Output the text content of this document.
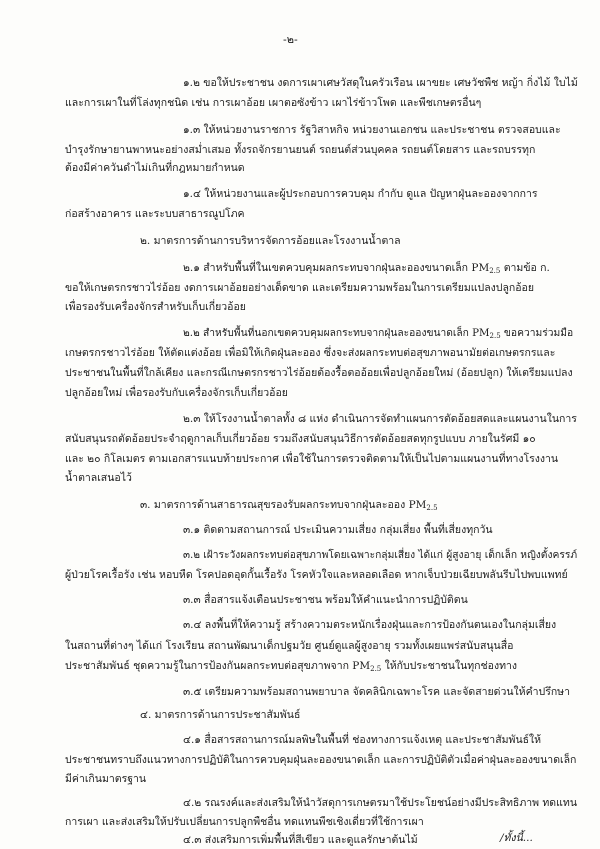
-๒-

๑.๒ ขอให้ประชาชน งดการเผาเศษวัสดุในครัวเรือน เผาขยะ เศษวัชพืช หญ้า กิ่งไม้ ใบไม้

และการเผาในที่โล่งทุกชนิด เช่น การเผาอ้อย เผาตอซังข้าว เผาไร่ข้าวโพด และพืชเกษตรอื่นๆ

๑.๓ ให้หน่วยงานราชการ รัฐวิสาหกิจ หน่วยงานเอกชน และประชาชน ตรวจสอบและ

บำรุงรักษายานพาหนะอย่างสม่ำเสมอ ทั้งรถจักรยานยนต์ รถยนต์ส่วนบุคคล รถยนต์โดยสาร และรถบรรทุก

ต้องมีค่าควันดำไม่เกินที่กฎหมายกำหนด

๑.๔ ให้หน่วยงานและผู้ประกอบการควบคุม กำกับ ดูแล ปัญหาฝุ่นละอองจากการ

ก่อสร้างอาคาร และระบบสาธารณูปโภค

๒. มาตรการด้านการบริหารจัดการอ้อยและโรงงานน้ำตาล

๒.๑ สำหรับพื้นที่ในเขตควบคุมผลกระทบจากฝุ่นละอองขนาดเล็ก $PM_{2.5}$ ตามข้อ ก.

ขอให้เกษตรกรชาวไร่อ้อย งดการเผาอ้อยอย่างเด็ดขาด และเตรียมความพร้อมในการเตรียมแปลงปลูกอ้อย

เพื่อรองรับเครื่องจักรสำหรับเก็บเกี่ยวอ้อย

๒.๒ สำหรับพื้นที่นอกเขตควบคุมผลกระทบจากฝุ่นละอองขนาดเล็ก $PM_{2.5}$ ขอความร่วมมือ

เกษตรกรชาวไร่อ้อย ให้ตัดแต่งอ้อย เพื่อมิให้เกิดฝุ่นละออง ซึ่งจะส่งผลกระทบต่อสุขภาพอนามัยต่อเกษตรกรและ

ประชาชนในพื้นที่ใกล้เคียง และกรณีเกษตรกรชาวไร่อ้อยต้องรื้อตออ้อยเพื่อปลูกอ้อยใหม่ (อ้อยปลูก) ให้เตรียมแปลง

ปลูกอ้อยใหม่ เพื่อรองรับกับเครื่องจักรเก็บเกี่ยวอ้อย

๒.๓ ให้โรงงานน้ำตาลทั้ง ๘ แห่ง ดำเนินการจัดทำแผนการตัดอ้อยสดและแผนงานในการ

สนับสนุนรถตัดอ้อยประจำฤดูกาลเก็บเกี่ยวอ้อย รวมถึงสนับสนุนวิธีการตัดอ้อยสดทุกรูปแบบ ภายในรัศมี ๑๐

และ ๒๐ กิโลเมตร ตามเอกสารแนบท้ายประกาศ เพื่อใช้ในการตรวจติดตามให้เป็นไปตามแผนงานที่ทางโรงงาน

น้ำตาลเสนอไว้

๓. มาตรการด้านสาธารณสุขรองรับผลกระทบจากฝุ่นละออง $PM_{2.5}$

๓.๑ ติดตามสถานการณ์ ประเมินความเสี่ยง กลุ่มเสี่ยง พื้นที่เสี่ยงทุกวัน

๓.๒ เฝ้าระวังผลกระทบต่อสุขภาพโดยเฉพาะกลุ่มเสี่ยง ได้แก่ ผู้สูงอายุ เด็กเล็ก หญิงตั้งครรภ์

ผู้ป่วยโรคเรื้อรัง เช่น หอบหืด โรคปอดอุดกั้นเรื้อรัง โรคหัวใจและหลอดเลือด หากเจ็บป่วยเฉียบพลันรีบไปพบแพทย์

๓.๓ สื่อสารแจ้งเตือนประชาชน พร้อมให้คำแนะนำการปฏิบัติตน

๓.๔ ลงพื้นที่ให้ความรู้ สร้างความตระหนักเรื่องฝุ่นและการป้องกันตนเองในกลุ่มเสี่ยง

ในสถานที่ต่างๆ ได้แก่ โรงเรียน สถานพัฒนาเด็กปฐมวัย ศูนย์ดูแลผู้สูงอายุ รวมทั้งเผยแพร่สนับสนุนสื่อ

ประชาสัมพันธ์ ชุดความรู้ในการป้องกันผลกระทบต่อสุขภาพจาก $PM_{2.5}$ ให้กับประชาชนในทุกช่องทาง

๓.๕ เตรียมความพร้อมสถานพยาบาล จัดคลินิกเฉพาะโรค และจัดสายด่วนให้คำปรึกษา

๔. มาตรการด้านการประชาสัมพันธ์

๔.๑ สื่อสารสถานการณ์มลพิษในพื้นที่ ช่องทางการแจ้งเหตุ และประชาสัมพันธ์ให้

ประชาชนทราบถึงแนวทางการปฏิบัติในการควบคุมฝุ่นละอองขนาดเล็ก และการปฏิบัติตัวเมื่อค่าฝุ่นละอองขนาดเล็ก

มีค่าเกินมาตรฐาน

๔.๒ รณรงค์และส่งเสริมให้นำวัสดุการเกษตรมาใช้ประโยชน์อย่างมีประสิทธิภาพ ทดแทน

การเผา และส่งเสริมให้ปรับเปลี่ยนการปลูกพืชอื่น ทดแทนพืชเชิงเดี่ยวที่ใช้การเผา

๔.๓ ส่งเสริมการเพิ่มพื้นที่สีเขียว และดูแลรักษาต้นไม้	/ทั้งนี้...
